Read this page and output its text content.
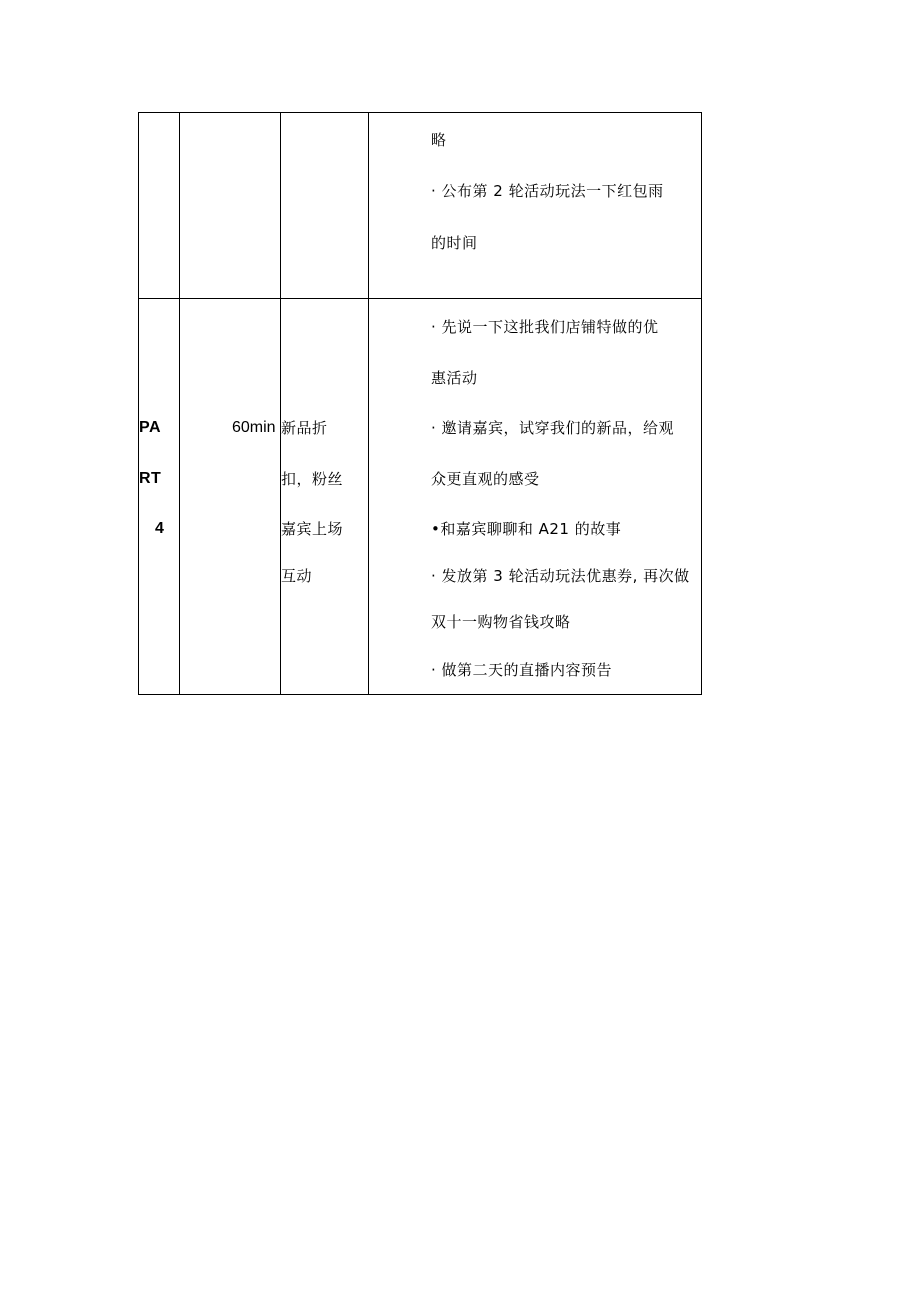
略
· 公布第 2 轮活动玩法一下红包雨
的时间
PA
RT
4
60min 新品折
扣，粉丝
嘉宾上场
互动
· 先说一下这批我们店铺特做的优
惠活动
· 邀请嘉宾，试穿我们的新品，给观
众更直观的感受
•和嘉宾聊聊和 A21 的故事
· 发放第 3 轮活动玩法优惠券, 再次做
双十一购物省钱攻略
· 做第二天的直播内容预告
